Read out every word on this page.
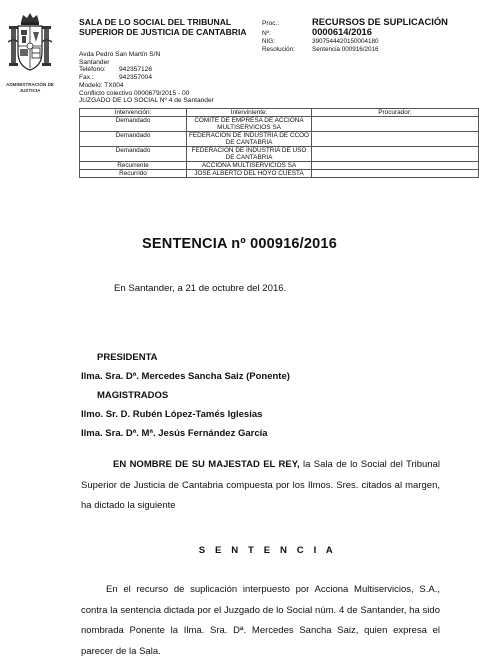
ADMINISTRACIÓN DE JUSTICIA
SALA DE LO SOCIAL DEL TRIBUNAL SUPERIOR DE JUSTICIA DE CANTABRIA
Avda Pedro San Martín S/N
Santander
Teléfono:	942357126
Fax.:	942357004
Modelo: TX004
Conflicto colectivo 0000679/2015 - 00
JUZGADO DE LO SOCIAL Nº 4 de Santander
Proc.:	RECURSOS DE SUPLICACIÓN
Nº:	0000614/2016
NIG:	3907544420150004180
Resolución:	Sentencia 000916/2016
Intervención:	Interviniente:	Procurador:
Demandado	COMITE DE EMPRESA DE ACCIONA MULTISERVICIOS SA	
Demandado	FEDERACION DE INDUSTRIA DE CCOO DE CANTABRIA	
Demandado	FEDERACION DE INDUSTRIA DE USO DE CANTABRIA	
Recurrente	ACCIONA MULTISERVICIOS SA	
Recurrido	JOSE ALBERTO DEL HOYO CUESTA	
SENTENCIA nº 000916/2016
En Santander, a 21 de octubre del 2016.
PRESIDENTA
Ilma. Sra. Dª. Mercedes Sancha Saiz (Ponente)
MAGISTRADOS
Ilmo. Sr. D. Rubén López-Tamés Iglesias
Ilma. Sra. Dª. Mª. Jesús Fernández García
EN NOMBRE DE SU MAJESTAD EL REY, la Sala de lo Social del Tribunal Superior de Justicia de Cantabria compuesta por los Ilmos. Sres. citados al margen, ha dictado la siguiente
S E N T E N C I A
En el recurso de suplicación interpuesto por Acciona Multiservicios, S.A., contra la sentencia dictada por el Juzgado de lo Social núm. 4 de Santander, ha sido nombrada Ponente la Ilma. Sra. Dª. Mercedes Sancha Saiz, quien expresa el parecer de la Sala.
